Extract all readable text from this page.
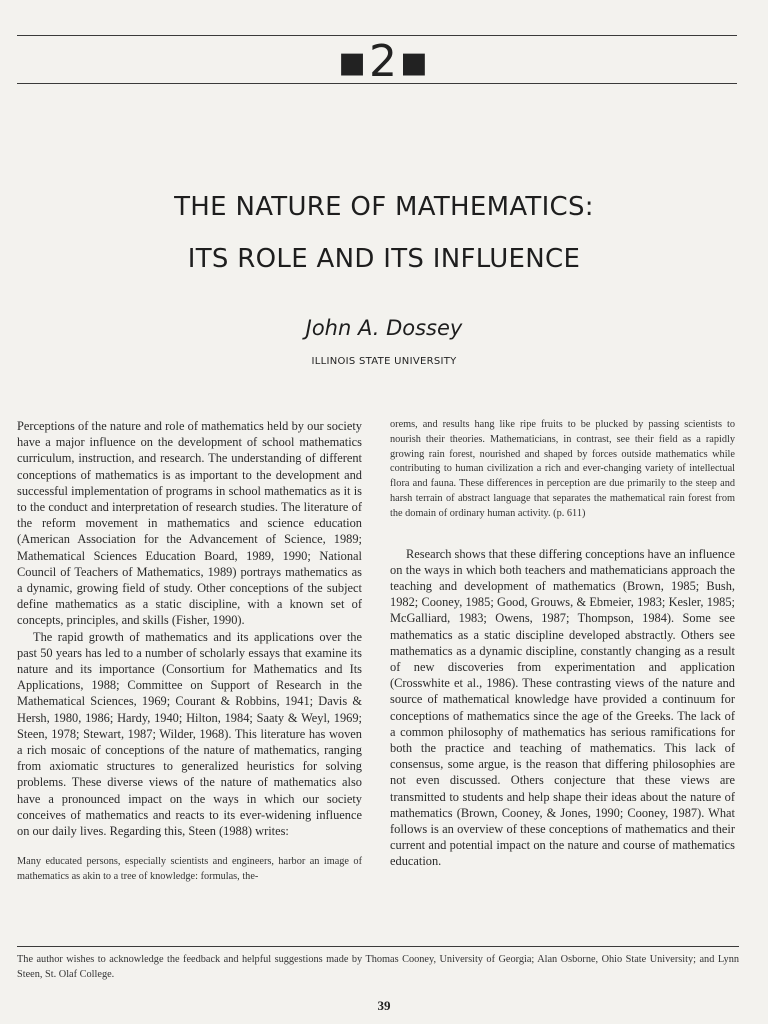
▪2▪
THE NATURE OF MATHEMATICS:
ITS ROLE AND ITS INFLUENCE
John A. Dossey
ILLINOIS STATE UNIVERSITY

Perceptions of the nature and role of mathematics held by our society have a major influence on the development of school mathematics curriculum, instruction, and research. The understanding of different conceptions of mathematics is as important to the development and successful implementation of programs in school mathematics as it is to the conduct and interpretation of research studies. The literature of the reform movement in mathematics and science education (American Association for the Advancement of Science, 1989; Mathematical Sciences Education Board, 1989, 1990; National Council of Teachers of Mathematics, 1989) portrays mathematics as a dynamic, growing field of study. Other conceptions of the subject define mathematics as a static discipline, with a known set of concepts, principles, and skills (Fisher, 1990).

The rapid growth of mathematics and its applications over the past 50 years has led to a number of scholarly essays that examine its nature and its importance (Consortium for Mathematics and Its Applications, 1988; Committee on Support of Research in the Mathematical Sciences, 1969; Courant & Robbins, 1941; Davis & Hersh, 1980, 1986; Hardy, 1940; Hilton, 1984; Saaty & Weyl, 1969; Steen, 1978; Stewart, 1987; Wilder, 1968). This literature has woven a rich mosaic of conceptions of the nature of mathematics, ranging from axiomatic structures to generalized heuristics for solving problems. These diverse views of the nature of mathematics also have a pronounced impact on the ways in which our society conceives of mathematics and reacts to its ever-widening influence on our daily lives. Regarding this, Steen (1988) writes:

Many educated persons, especially scientists and engineers, harbor an image of mathematics as akin to a tree of knowledge: formulas, the-

orems, and results hang like ripe fruits to be plucked by passing scientists to nourish their theories. Mathematicians, in contrast, see their field as a rapidly growing rain forest, nourished and shaped by forces outside mathematics while contributing to human civilization a rich and ever-changing variety of intellectual flora and fauna. These differences in perception are due primarily to the steep and harsh terrain of abstract language that separates the mathematical rain forest from the domain of ordinary human activity. (p. 611)

Research shows that these differing conceptions have an influence on the ways in which both teachers and mathematicians approach the teaching and development of mathematics (Brown, 1985; Bush, 1982; Cooney, 1985; Good, Grouws, & Ebmeier, 1983; Kesler, 1985; McGalliard, 1983; Owens, 1987; Thompson, 1984). Some see mathematics as a static discipline developed abstractly. Others see mathematics as a dynamic discipline, constantly changing as a result of new discoveries from experimentation and application (Crosswhite et al., 1986). These contrasting views of the nature and source of mathematical knowledge have provided a continuum for conceptions of mathematics since the age of the Greeks. The lack of a common philosophy of mathematics has serious ramifications for both the practice and teaching of mathematics. This lack of consensus, some argue, is the reason that differing philosophies are not even discussed. Others conjecture that these views are transmitted to students and help shape their ideas about the nature of mathematics (Brown, Cooney, & Jones, 1990; Cooney, 1987). What follows is an overview of these conceptions of mathematics and their current and potential impact on the nature and course of mathematics education.

The author wishes to acknowledge the feedback and helpful suggestions made by Thomas Cooney, University of Georgia; Alan Osborne, Ohio State University; and Lynn Steen, St. Olaf College.
39
